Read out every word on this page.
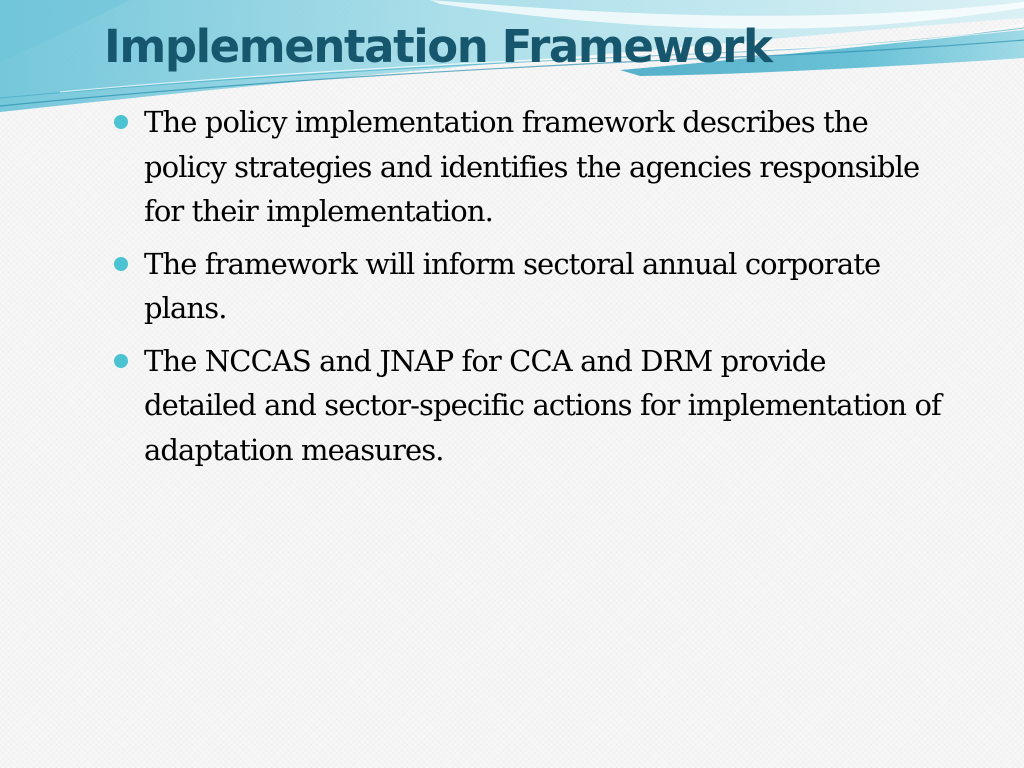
Implementation Framework
The policy implementation framework describes the policy strategies and identifies the agencies responsible for their implementation.
The framework will inform sectoral annual corporate plans.
The NCCAS and JNAP for CCA and DRM provide detailed and sector-specific actions for implementation of adaptation measures.
